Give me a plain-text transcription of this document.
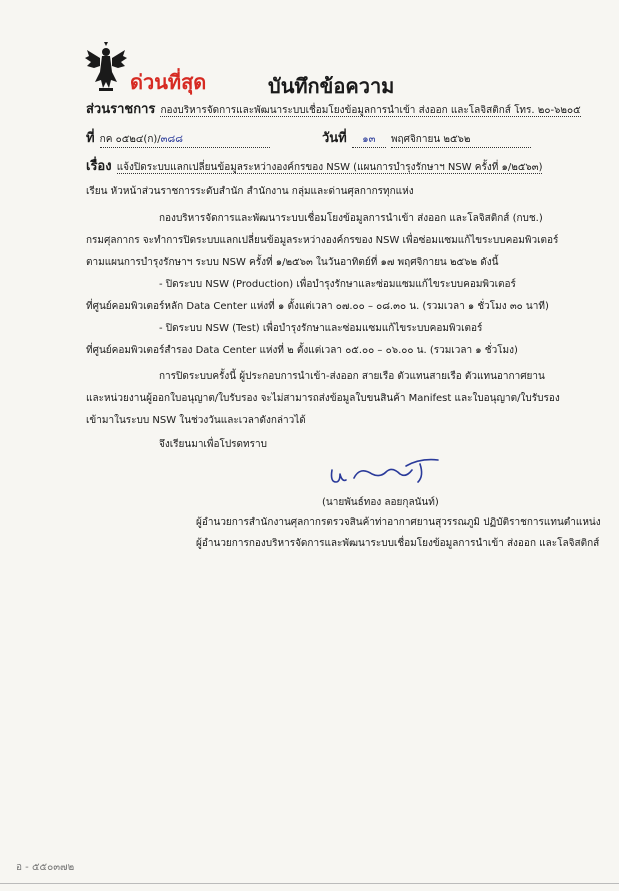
ด่วนที่สุด	บันทึกข้อความ
ส่วนราชการ กองบริหารจัดการและพัฒนาระบบเชื่อมโยงข้อมูลการนำเข้า ส่งออก และโลจิสติกส์ โทร. ๒๐-๖๒๐๕
ที่ กค ๐๕๒๔(ก)/๓๘๘	วันที่ ๑๓ พฤศจิกายน ๒๕๖๒
เรื่อง แจ้งปิดระบบแลกเปลี่ยนข้อมูลระหว่างองค์กรของ NSW (แผนการบำรุงรักษาฯ NSW ครั้งที่ ๑/๒๕๖๓)
เรียน หัวหน้าส่วนราชการระดับสำนัก สำนักงาน กลุ่มและด่านศุลกากรทุกแห่ง
กองบริหารจัดการและพัฒนาระบบเชื่อมโยงข้อมูลการนำเข้า ส่งออก และโลจิสติกส์ (กบช.)
กรมศุลกากร จะทำการปิดระบบแลกเปลี่ยนข้อมูลระหว่างองค์กรของ NSW เพื่อซ่อมแซมแก้ไขระบบคอมพิวเตอร์
ตามแผนการบำรุงรักษาฯ ระบบ NSW ครั้งที่ ๑/๒๕๖๓ ในวันอาทิตย์ที่ ๑๗ พฤศจิกายน ๒๕๖๒ ดังนี้
- ปิดระบบ NSW (Production) เพื่อบำรุงรักษาและซ่อมแซมแก้ไขระบบคอมพิวเตอร์
ที่ศูนย์คอมพิวเตอร์หลัก Data Center แห่งที่ ๑ ตั้งแต่เวลา ๐๗.๐๐ – ๐๘.๓๐ น. (รวมเวลา ๑ ชั่วโมง ๓๐ นาที)
- ปิดระบบ NSW (Test) เพื่อบำรุงรักษาและซ่อมแซมแก้ไขระบบคอมพิวเตอร์
ที่ศูนย์คอมพิวเตอร์สำรอง Data Center แห่งที่ ๒ ตั้งแต่เวลา ๐๕.๐๐ – ๐๖.๐๐ น. (รวมเวลา ๑ ชั่วโมง)
การปิดระบบครั้งนี้ ผู้ประกอบการนำเข้า-ส่งออก สายเรือ ตัวแทนสายเรือ ตัวแทนอากาศยาน
และหน่วยงานผู้ออกใบอนุญาต/ใบรับรอง จะไม่สามารถส่งข้อมูลใบขนสินค้า Manifest และใบอนุญาต/ใบรับรอง
เข้ามาในระบบ NSW ในช่วงวันและเวลาดังกล่าวได้
จึงเรียนมาเพื่อโปรดทราบ
(นายพันธ์ทอง ลอยกุลนันท์)
ผู้อำนวยการสำนักงานศุลกากรตรวจสินค้าท่าอากาศยานสุวรรณภูมิ ปฏิบัติราชการแทนตำแหน่ง
ผู้อำนวยการกองบริหารจัดการและพัฒนาระบบเชื่อมโยงข้อมูลการนำเข้า ส่งออก และโลจิสติกส์
อ - ๕๕๐๓๗๒
